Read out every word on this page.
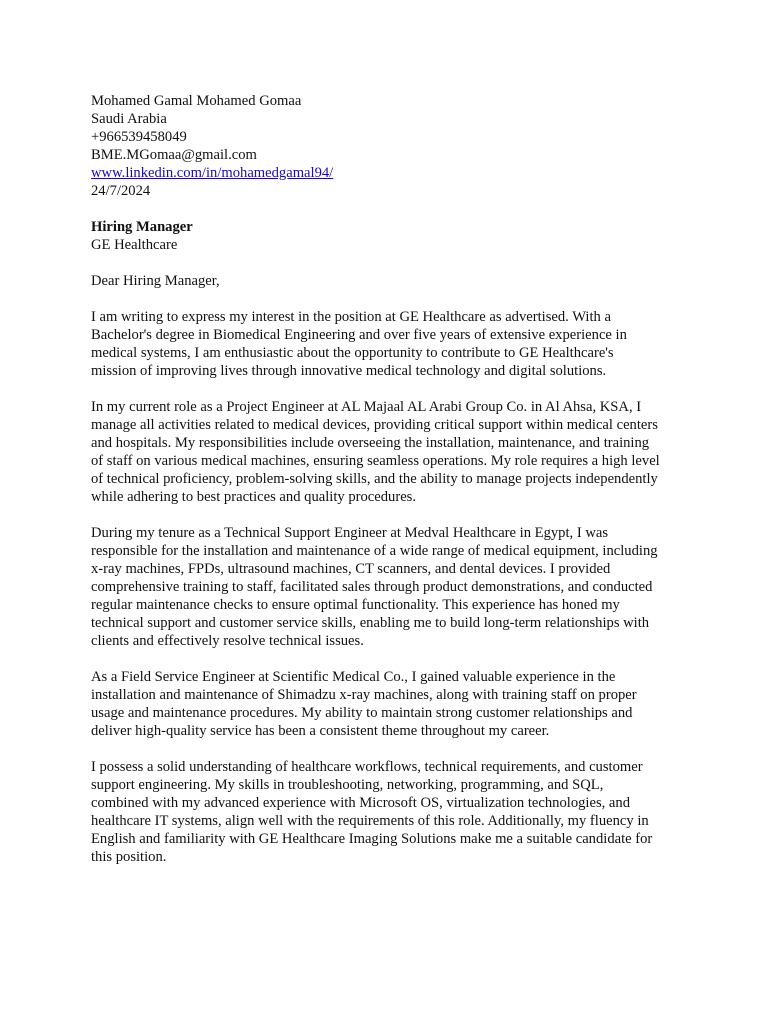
Mohamed Gamal Mohamed Gomaa
Saudi Arabia
+966539458049
BME.MGomaa@gmail.com
www.linkedin.com/in/mohamedgamal94/
24/7/2024
Hiring Manager
GE Healthcare
Dear Hiring Manager,
I am writing to express my interest in the position at GE Healthcare as advertised. With a
Bachelor's degree in Biomedical Engineering and over five years of extensive experience in
medical systems, I am enthusiastic about the opportunity to contribute to GE Healthcare's
mission of improving lives through innovative medical technology and digital solutions.
In my current role as a Project Engineer at AL Majaal AL Arabi Group Co. in Al Ahsa, KSA, I
manage all activities related to medical devices, providing critical support within medical centers
and hospitals. My responsibilities include overseeing the installation, maintenance, and training
of staff on various medical machines, ensuring seamless operations. My role requires a high level
of technical proficiency, problem-solving skills, and the ability to manage projects independently
while adhering to best practices and quality procedures.
During my tenure as a Technical Support Engineer at Medval Healthcare in Egypt, I was
responsible for the installation and maintenance of a wide range of medical equipment, including
x-ray machines, FPDs, ultrasound machines, CT scanners, and dental devices. I provided
comprehensive training to staff, facilitated sales through product demonstrations, and conducted
regular maintenance checks to ensure optimal functionality. This experience has honed my
technical support and customer service skills, enabling me to build long-term relationships with
clients and effectively resolve technical issues.
As a Field Service Engineer at Scientific Medical Co., I gained valuable experience in the
installation and maintenance of Shimadzu x-ray machines, along with training staff on proper
usage and maintenance procedures. My ability to maintain strong customer relationships and
deliver high-quality service has been a consistent theme throughout my career.
I possess a solid understanding of healthcare workflows, technical requirements, and customer
support engineering. My skills in troubleshooting, networking, programming, and SQL,
combined with my advanced experience with Microsoft OS, virtualization technologies, and
healthcare IT systems, align well with the requirements of this role. Additionally, my fluency in
English and familiarity with GE Healthcare Imaging Solutions make me a suitable candidate for
this position.
